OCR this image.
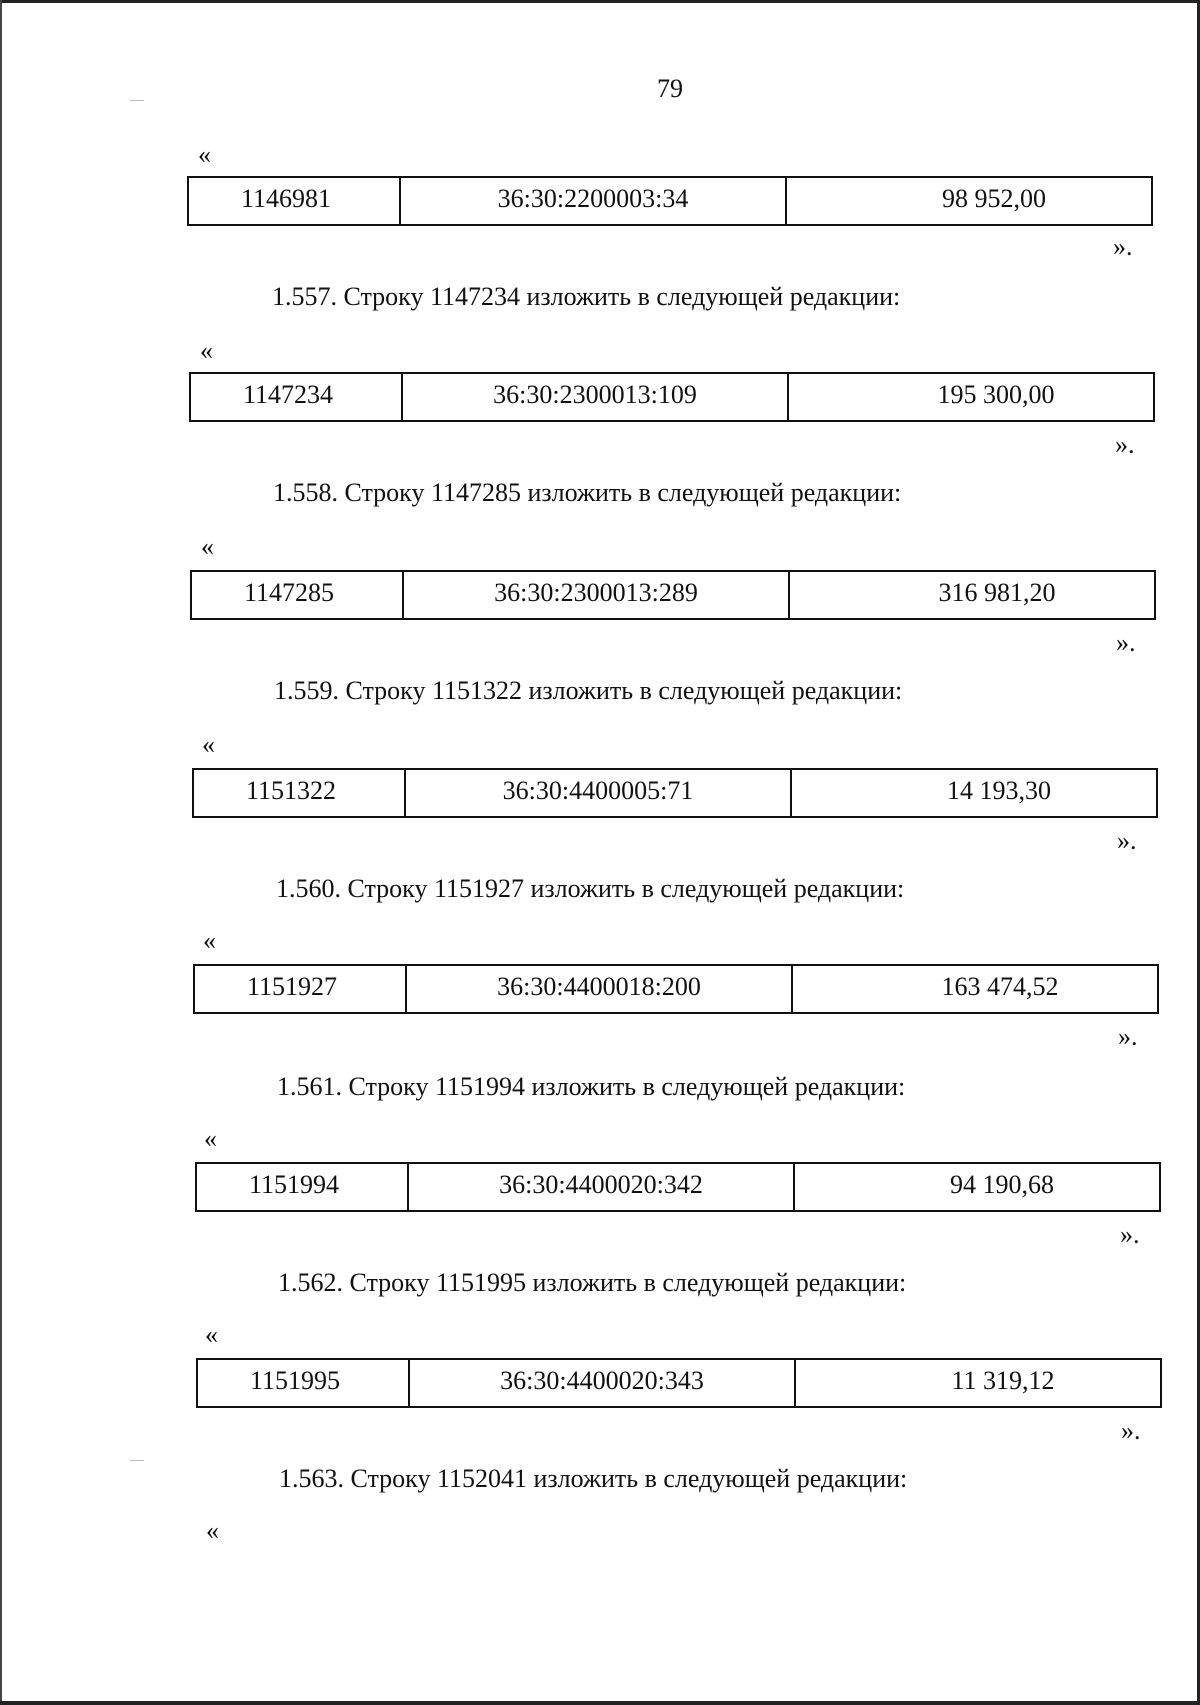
79
«
1146981	36:30:2200003:34	98 952,00
».
1.557. Строку 1147234 изложить в следующей редакции:
«
1147234	36:30:2300013:109	195 300,00
».
1.558. Строку 1147285 изложить в следующей редакции:
«
1147285	36:30:2300013:289	316 981,20
».
1.559. Строку 1151322 изложить в следующей редакции:
«
1151322	36:30:4400005:71	14 193,30
».
1.560. Строку 1151927 изложить в следующей редакции:
«
1151927	36:30:4400018:200	163 474,52
».
1.561. Строку 1151994 изложить в следующей редакции:
«
1151994	36:30:4400020:342	94 190,68
».
1.562. Строку 1151995 изложить в следующей редакции:
«
1151995	36:30:4400020:343	11 319,12
».
1.563. Строку 1152041 изложить в следующей редакции:
«
